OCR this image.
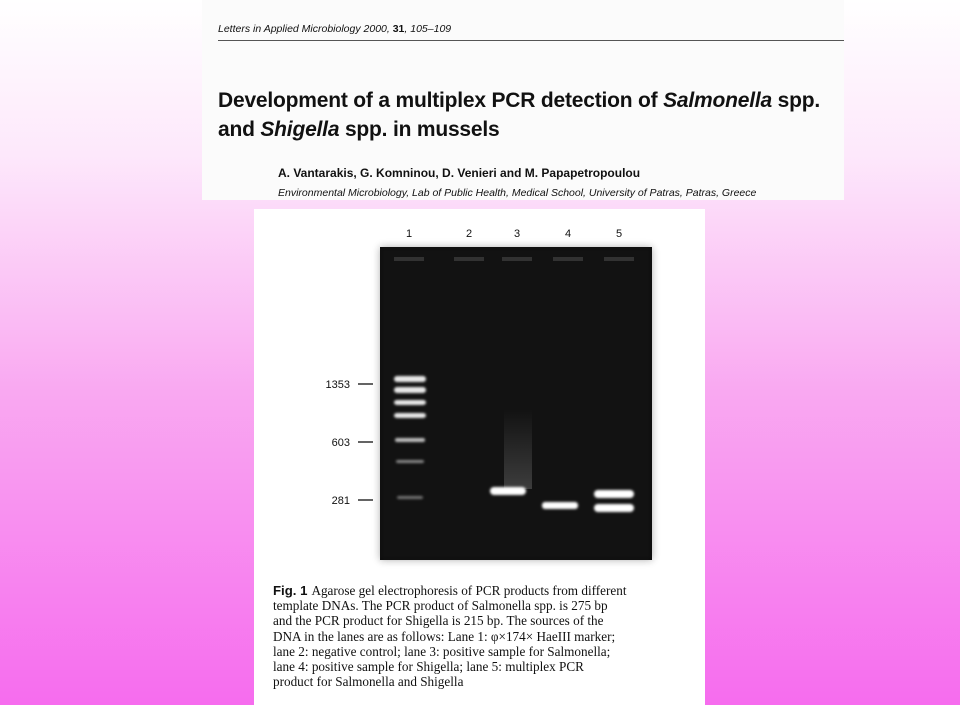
Letters in Applied Microbiology 2000, 31, 105–109
Development of a multiplex PCR detection of Salmonella spp.
and Shigella spp. in mussels
A. Vantarakis, G. Komninou, D. Venieri and M. Papapetropoulou
Environmental Microbiology, Lab of Public Health, Medical School, University of Patras, Patras, Greece
1	2	3	4	5
1353
603
281
Fig. 1 Agarose gel electrophoresis of PCR products from different
template DNAs. The PCR product of Salmonella spp. is 275 bp
and the PCR product for Shigella is 215 bp. The sources of the
DNA in the lanes are as follows: Lane 1: φ×174× HaeIII marker;
lane 2: negative control; lane 3: positive sample for Salmonella;
lane 4: positive sample for Shigella; lane 5: multiplex PCR
product for Salmonella and Shigella
